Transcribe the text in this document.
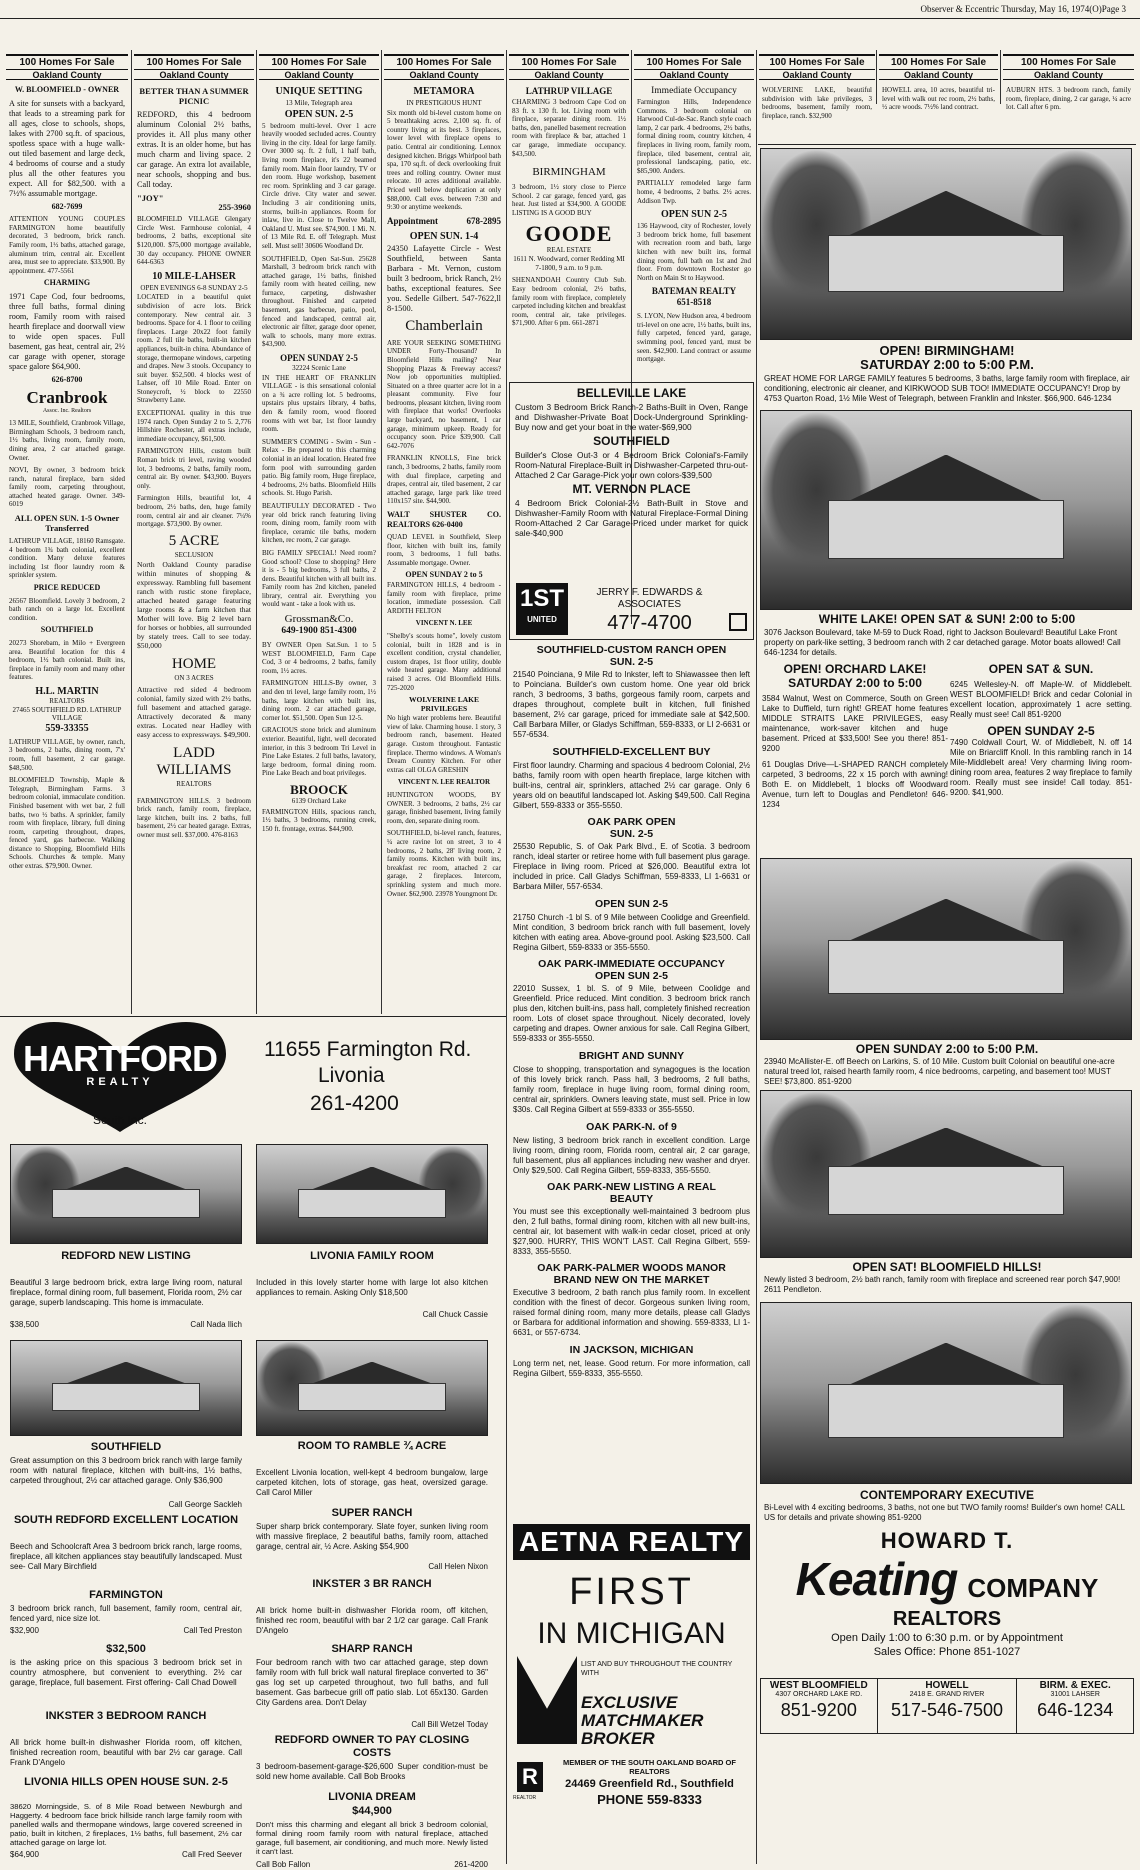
Observer & Eccentric Thursday, May 16, 1974(O)Page 3
100 Homes For Sale
Oakland County

W. BLOOMFIELD - OWNER

A site for sunsets with a backyard, that leads to a streaming park for all ages, close to schools, shops, lakes with 2700 sq.ft. of spacious, spotless space with a huge walk-out tiled basement and large deck, 4 bedrooms of course and a study plus all the other features you expect. All for $82,500. with a 7½% assumable mortgage.

682-7699

ATTENTION YOUNG COUPLES FARMINGTON home beautifully decorated, 3 bedroom, brick ranch. Family room, 1½ baths, attached garage, aluminum trim, central air. Excellent area, must see to appreciate. $33,900. By appointment. 477-5561

CHARMING

1971 Cape Cod, four bedrooms, three full baths, formal dining room, Family room with raised hearth fireplace and doorwall view to wide open spaces. Full basement, gas heat, central air, 2½ car garage with opener, storage space galore $64,900.

626-8700

Cranbrook

Assoc. Inc. Realtors

13 MILE, Southfield, Cranbrook Village, Birmingham Schools, 3 bedroom ranch, 1½ baths, living room, family room, dining area, 2 car attached garage. Owner.

NOVI, By owner, 3 bedroom brick ranch, natural fireplace, barn sided family room, carpeting throughout, attached heated garage. Owner. 349-6019

ALL OPEN SUN. 1-5 Owner Transferred

LATHRUP VILLAGE, 18160 Ramsgate. 4 bedroom 1¾ bath colonial, excellent condition. Many deluxe features including 1st floor laundry room & sprinkler system.

PRICE REDUCED

26567 Bloomfield. Lovely 3 bedroom, 2 bath ranch on a large lot. Excellent condition.

SOUTHFIELD

20273 Shorebam, in Milo + Evergreen area. Beautiful location for this 4 bedroom, 1½ bath colonial. Built ins, fireplace in family room and many other features.

H.L. MARTIN

REALTORS

27465 SOUTHFIELD RD. LATHRUP VILLAGE

559-33355

LATHRUP VILLAGE, by owner, ranch, 3 bedrooms, 2 baths, dining room, 7'x' room, full basement, 2 car garage. $48,500.

BLOOMFIELD Township, Maple & Telegraph, Birmingham Farms. 3 bedroom colonial, immaculate condition. Finished basement with wet bar, 2 full baths, two ½ baths. A sprinkler, family room with fireplace, library, full dining room, carpeting throughout, drapes, fenced yard, gas barbecue. Walking distance to Shopping, Bloomfield Hills Schools. Churches & temple. Many other extras. $79,900. Owner.

100 Homes For Sale
Oakland County

BETTER THAN A SUMMER PICNIC

REDFORD, this 4 bedroom aluminum Colonial 2½ baths, provides it. All plus many other extras. It is an older home, but has much charm and living space. 2 car garage. An extra lot available, near schools, shopping and bus. Call today.

"JOY"

255-3960

BLOOMFIELD VILLAGE Glengary Circle West. Farmhouse colonial, 4 bedrooms, 2 baths, exceptional site $120,000. $75,000 mortgage available, 30 day occupancy. PHONE OWNER 644-6363

10 MILE-LAHSER

OPEN EVENINGS 6-8 SUNDAY 2-5

LOCATED in a beautiful quiet subdivision of acre lots. Brick contemporary. New central air. 3 bedrooms. Space for 4. 1 floor to ceiling fireplaces. Large 20x22 foot family room. 2 full tile baths, built-in kitchen appliances, built-in china. Abundance of storage, thermopane windows, carpeting and drapes. New 3 stools. Occupancy to suit buyer. $52,500. 4 blocks west of Lahser, off 10 Mile Road. Enter on Stoneycroft, ½ block to 22550 Strawberry Lane.

EXCEPTIONAL quality in this true 1974 ranch. Open Sunday 2 to 5. 2,776 Hillshire Rochester, all extras include, immediate occupancy, $61,500.

FARMINGTON Hills, custom built Roman brick tri level, raving wooded lot, 3 bedrooms, 2 baths, family room, central air. By owner. $43,900. Buyers only.

Farmington Hills, beautiful lot, 4 bedroom, 2½ baths, den, huge family room, central air and air cleaner. 7¼% mortgage. $73,900. By owner.

5 ACRE

SECLUSION

North Oakland County paradise within minutes of shopping & expressway. Rambling full basement ranch with rustic stone fireplace, attached heated garage featuring large rooms & a farm kitchen that Mother will love. Big 2 level barn for horses or hobbies, all surrounded by stately trees. Call to see today. $50,000

HOME

ON 3 ACRES

Attractive red sided 4 bedroom colonial, family sized with 2½ baths, full basement and attached garage. Attractively decorated & many extras. Located near Hadley with easy access to expressways. $49,900.

LADD WILLIAMS

REALTORS

FARMINGTON HILLS. 3 bedroom brick ranch, family room, fireplace, large kitchen, built ins. 2 baths, full basement, 2½ car heated garage. Extras, owner must sell. $37,000. 476-8163

100 Homes For Sale
Oakland County

UNIQUE SETTING

13 Mile, Telegraph area

OPEN SUN. 2-5

5 bedroom multi-level. Over 1 acre heavily wooded secluded acres. Country living in the city. Ideal for large family. Over 3000 sq. ft. 2 full, 1 half bath, living room fireplace, it's 22 beamed family room. Main floor laundry, TV or den room. Huge workshop, basement rec room. Sprinkling and 3 car garage. Circle drive. City water and sewer. Including 3 air conditioning units, storms, built-in appliances. Room for inlaw, live in. Close to Twelve Mall, Oakland U. Must see. $74,900. 1 Mi. N. of 13 Mile Rd. E. off Telegraph. Must sell. Must sell! 30606 Woodland Dr.

SOUTHFIELD, Open Sat-Sun. 25628 Marshall, 3 bedroom brick ranch with attached garage, 1½ baths, finished family room with heated ceiling, new furnace, carpeting, dishwasher throughout. Finished and carpeted basement, gas barbecue, patio, pool, fenced and landscaped, central air, electronic air filter, garage door opener, walk to schools, many more extras. $43,900.

OPEN SUNDAY 2-5

32224 Scenic Lane

IN THE HEART OF FRANKLIN VILLAGE - is this sensational colonial on a ¾ acre rolling lot. 5 bedrooms, upstairs plus upstairs library, 4 baths, den & family room, wood floored rooms with wet bar, 1st floor laundry room.

SUMMER'S COMING - Swim - Sun - Relax - Be prepared to this charming colonial in an ideal location. Heated free form pool with surrounding garden patio. Big family room, Huge fireplace, 4 bedrooms, 2½ baths. Bloomfield Hills schools. St. Hugo Parish.

BEAUTIFULLY DECORATED - Two year old brick ranch featuring living room, dining room, family room with fireplace, ceramic tile baths, modern kitchen, rec room, 2 car garage.

BIG FAMILY SPECIAL! Need room? Good school? Close to shopping? Here it is - 5 big bedrooms, 3 full baths, 2 dens. Beautiful kitchen with all built ins. Family room has 2nd kitchen, paneled library, central air. Everything you would want - take a look with us.

Grossman&Co.

649-1900 851-4300

BY OWNER Open Sat.Sun. 1 to 5 WEST BLOOMFIELD, Farm Cape Cod, 3 or 4 bedrooms, 2 baths, family room, 1½ acres.

FARMINGTON HILLS-By owner, 3 and den tri level, large family room, 1½ baths, large kitchen with built ins, dining room. 2 car attached garage, corner lot. $51,500. Open Sun 12-5.

GRACIOUS stone brick and aluminum exterior. Beautiful, light, well decorated interior, in this 3 bedroom Tri Level in Pine Lake Estates. 2 full baths, lavatory, large bedroom, formal dining room. Pine Lake Beach and boat privileges.

BROOCK

6139 Orchard Lake

FARMINGTON Hills, spacious ranch, 1½ baths, 3 bedrooms, running creek, 150 ft. frontage, extras. $44,900.

100 Homes For Sale
Oakland County

METAMORA

IN PRESTIGIOUS HUNT

Six month old bi-level custom home on 5 breathtaking acres. 2,100 sq. ft. of country living at its best. 3 fireplaces, lower level with fireplace opens to patio. Central air conditioning. Lennox designed kitchen. Briggs Whirlpool bath spa, 170 sq.ft. of deck overlooking fruit trees and rolling country. Owner must relocate. 10 acres additional available. Priced well below duplication at only $88,000. Call eves. between 7:30 and 9:30 or anytime weekends.

Appointment	678-2895

OPEN SUN. 1-4

24350 Lafayette Circle - West Southfield, between Santa Barbara - Mt. Vernon, custom built 3 bedroom, brick Ranch, 2½ baths, exceptional features. See you. Sedelle Gilbert. 547-7622,ll 8-1500.

Chamberlain

ARE YOUR SEEKING SOMETHING UNDER Forty-Thousand? In Bloomfield Hills mailing? Near Shopping Plazas & Freeway access? Now job opportunities multiplied. Situated on a three quarter acre lot in a pleasant community. Five four bedrooms, pleasant kitchen, living room with fireplace that works! Overlooks large backyard, no basement, 1 car garage, minimum upkeep. Ready for occupancy soon. Price $39,900. Call 642-7076

FRANKLIN KNOLLS, Fine brick ranch, 3 bedrooms, 2 baths, family room with dual fireplace, carpeting and drapes, central air, tiled basement, 2 car attached garage, large park like treed 110x157 site. $44,900.

WALT SHUSTER CO. REALTORS 626-0400

QUAD LEVEL in Southfield, Sleep floor, kitchen with built ins, family room, 3 bedrooms, 1 full baths. Assumable mortgage. Owner.

OPEN SUNDAY 2 to 5

FARMINGTON HILLS, 4 bedroom - family room with fireplace, prime location, immediate possession. Call ARDITH FELTON

VINCENT N. LEE

"Shelby's scouts home", lovely custom colonial, built in 1828 and is in excellent condition, crystal chandelier, custom drapes, 1st floor utility, double wide heated garage. Many additional raised 3 acres. Old Bloomfield Hills. 725-2020

WOLVERINE LAKE PRIVILEGES

No high water problems here. Beautiful view of lake. Charming house. 1 story, 3 bedroom ranch, basement. Heated garage. Custom throughout. Fantastic fireplace. Thermo windows. A Woman's Dream Country Kitchen. For other extras call OLGA GRESHIN

VINCENT N. LEE REALTOR

HUNTINGTON WOODS, BY OWNER. 3 bedrooms, 2 baths, 2½ car garage, finished basement, living family room, den, separate dining room.

SOUTHFIELD, bi-level ranch, features, ¼ acre ravine lot on street, 3 to 4 bedrooms, 2 baths, 28' living room, 2 family rooms. Kitchen with built ins, breakfast rec room, attached 2 car garage, 2 fireplaces. Intercom, sprinkling system and much more. Owner. $62,900. 23978 Youngmont Dr.

100 Homes For Sale
Oakland County

LATHRUP VILLAGE

CHARMING 3 bedroom Cape Cod on 83 ft. x 130 ft. lot. Living room with fireplace, separate dining room. 1½ baths, den, panelled basement recreation room with fireplace & bar, attached 1 car garage, immediate occupancy. $43,500.

BIRMINGHAM

3 bedroom, 1½ story close to Pierce School. 2 car garage, fenced yard, gas heat. Just listed at $34,900. A GOODE LISTING IS A GOOD BUY

GOODE

REAL ESTATE

1611 N. Woodward, corner Redding MI 7-1800, 9 a.m. to 9 p.m.

SHENANDOAH Country Club Sub. Easy bedroom colonial, 2½ baths, family room with fireplace, completely carpeted including kitchen and breakfast room, central air, take privileges. $71,900. After 6 pm. 661-2871

100 Homes For Sale
Oakland County

Immediate Occupancy

Farmington Hills, Independence Commons. 3 bedroom colonial on Harwood Cul-de-Sac. Ranch style coach lamp, 2 car park. 4 bedrooms, 2½ baths, formal dining room, country kitchen, 4 fireplaces in living room, family room, fireplace, tiled basement, central air, professional landscaping, patio, etc. $85,900. Anders.

PARTIALLY remodeled large farm home, 4 bedrooms, 2 baths. 2½ acres. Addison Twp.

OPEN SUN 2-5

136 Haywood, city of Rochester, lovely 3 bedroom brick home, full basement with recreation room and bath, large kitchen with new built ins, formal dining room, full bath on 1st and 2nd floor. From downtown Rochester go North on Main St to Haywood.

BATEMAN REALTY

651-8518

S. LYON, New Hudson area, 4 bedroom tri-level on one acre, 1½ baths, built ins, fully carpeted, fenced yard, garage, swimming pool, fenced yard, must be seen. $42,900. Land contract or assume mortgage.

100 Homes For Sale
Oakland County

WOLVERINE LAKE, beautiful subdivision with lake privileges, 3 bedrooms, basement, family room, fireplace, ranch. $32,900

100 Homes For Sale
Oakland County

HOWELL area, 10 acres, beautiful tri-level with walk out rec room, 2½ baths, ½ acre woods. 7½% land contract.

100 Homes For Sale
Oakland County

AUBURN HTS. 3 bedroom ranch, family room, fireplace, dining, 2 car garage, ¼ acre lot. Call after 6 pm.

OPEN! BIRMINGHAM!
SATURDAY 2:00 to 5:00 P.M.
GREAT HOME FOR LARGE FAMILY features 5 bedrooms, 3 baths, large family room with fireplace, air conditioning, electronic air cleaner, and KIRKWOOD SUB TOO! IMMEDIATE OCCUPANCY! Drop by 4753 Quarton Road, 1½ Mile West of Telegraph, between Franklin and Inkster. $66,900. 646-1234
WHITE LAKE! OPEN SAT & SUN! 2:00 to 5:00
3076 Jackson Boulevard, take M-59 to Duck Road, right to Jackson Boulevard! Beautiful Lake Front property on park-like setting, 3 bedroom ranch with 2 car detached garage. Motor boats allowed! Call 646-1234 for details.
OPEN! ORCHARD LAKE!
SATURDAY 2:00 to 5:00
3584 Walnut, West on Commerce, South on Green Lake to Duffield, turn right! GREAT home features MIDDLE STRAITS LAKE PRIVILEGES, easy maintenance, work-saver kitchen and huge basement. Priced at $33,500! See you there! 851-9200
61 Douglas Drive—L-SHAPED RANCH completely carpeted, 3 bedrooms, 22 x 15 porch with awning! Both E. on Middlebelt, 1 blocks off Woodward Avenue, turn left to Douglas and Pendleton! 646-1234
OPEN SAT & SUN.
6245 Wellesley-N. off Maple-W. of Middlebelt. WEST BLOOMFIELD! Brick and cedar Colonial in excellent location, approximately 1 acre setting. Really must see! Call 851-9200
OPEN SUNDAY 2-5
7490 Coldwall Court, W. of Middlebelt, N. off 14 Mile on Briarcliff Knoll. In this rambling ranch in 14 Mile-Middlebelt area! Very charming living room-dining room area, features 2 way fireplace to family room. Really must see inside! Call today. 851-9200. $41,900.
OPEN SUNDAY 2:00 to 5:00 P.M.
23940 McAllister-E. off Beech on Larkins, S. of 10 Mile. Custom built Colonial on beautiful one-acre natural treed lot, raised hearth family room, 4 nice bedrooms, carpeting, and basement too! MUST SEE! $73,800. 851-9200
OPEN SAT! BLOOMFIELD HILLS!
Newly listed 3 bedroom, 2½ bath ranch, family room with fireplace and screened rear porch $47,900! 2611 Pendleton.
CONTEMPORARY EXECUTIVE
Bi-Level with 4 exciting bedrooms, 3 baths, not one but TWO family rooms! Builder's own home! CALL US for details and private showing 851-9200
HOWARD T.
Keating COMPANY
REALTORS
Open Daily 1:00 to 6:30 p.m. or by Appointment
Sales Office: Phone 851-1027
WEST BLOOMFIELD
4307 ORCHARD LAKE RD.
851-9200
HOWELL
2418 E. GRAND RIVER
517-546-7500
BIRM. & EXEC.
31001 LAHSER
646-1234
BELLEVILLE LAKE
Custom 3 Bedroom Brick Ranch-2 Baths-Built in Oven, Range and Dishwasher-Private Boat Dock-Underground Sprinkling-Buy now and get your boat in the water-$69,900
SOUTHFIELD
Builder's Close Out-3 or 4 Bedroom Brick Colonial's-Family Room-Natural Fireplace-Built in Dishwasher-Carpeted thru-out-Attached 2 Car Garage-Pick your own colors-$39,500
MT. VERNON PLACE
4 Bedroom Brick Colonial-2½ Bath-Built in Stove and Dishwasher-Family Room with Natural Fireplace-Formal Dining Room-Attached 2 Car Garage-Priced under market for quick sale-$40,900
1ST
UNITED
JERRY F. EDWARDS & ASSOCIATES
477-4700
SOUTHFIELD-CUSTOM RANCH OPEN SUN. 2-5
21540 Poinciana, 9 Mile Rd to Inkster, left to Shiawassee then left to Poinciana. Builder's own custom home. One year old brick ranch, 3 bedrooms, 3 baths, gorgeous family room, carpets and drapes throughout, complete built in kitchen, full finished basement, 2½ car garage, priced for immediate sale at $42,500. Call Barbara Miller, or Gladys Schiffman, 559-8333, or LI 2-6631 or 557-6534.
SOUTHFIELD-EXCELLENT BUY
First floor laundry. Charming and spacious 4 bedroom Colonial, 2½ baths, family room with open hearth fireplace, large kitchen with built-ins, central air, sprinklers, attached 2½ car garage. Only 6 years old on beautiful landscaped lot. Asking $49,500. Call Regina Gilbert, 559-8333 or 355-5550.
OAK PARK OPEN SUN. 2-5
25530 Republic, S. of Oak Park Blvd., E. of Scotia. 3 bedroom ranch, ideal starter or retiree home with full basement plus garage. Fireplace in living room. Priced at $26,000. Beautiful extra lot included in price. Call Gladys Schiffman, 559-8333, LI 1-6631 or Barbara Miller, 557-6534.
OPEN SUN 2-5
21750 Church -1 bl S. of 9 Mile between Coolidge and Greenfield. Mint condition, 3 bedroom brick ranch with full basement, lovely kitchen with eating area. Above-ground pool. Asking $23,500. Call Regina Gilbert, 559-8333 or 355-5550.
OAK PARK-IMMEDIATE OCCUPANCY OPEN SUN 2-5
22010 Sussex, 1 bl. S. of 9 Mile, between Coolidge and Greenfield. Price reduced. Mint condition. 3 bedroom brick ranch plus den, kitchen built-ins, pass hall, completely finished recreation room. Lots of closet space throughout. Nicely decorated, lovely carpeting and drapes. Owner anxious for sale. Call Regina Gilbert, 559-8333 or 355-5550.
BRIGHT AND SUNNY
Close to shopping, transportation and synagogues is the location of this lovely brick ranch. Pass hall, 3 bedrooms, 2 full baths, family room, fireplace in huge living room, formal dining room, central air, sprinklers. Owners leaving state, must sell. Price in low $30s. Call Regina Gilbert at 559-8333 or 355-5550.
OAK PARK-N. of 9
New listing, 3 bedroom brick ranch in excellent condition. Large living room, dining room, Florida room, central air, 2 car garage, full basement, plus all appliances including new washer and dryer. Only $29,500. Call Regina Gilbert, 559-8333, 355-5550.
OAK PARK-NEW LISTING A REAL BEAUTY
You must see this exceptionally well-maintained 3 bedroom plus den, 2 full baths, formal dining room, kitchen with all new built-ins, central air, lot basement with walk-in cedar closet, priced at only $27,900. HURRY, THIS WON'T LAST. Call Regina Gilbert, 559-8333, 355-5550.
OAK PARK-PALMER WOODS MANOR BRAND NEW ON THE MARKET
Executive 3 bedroom, 2 bath ranch plus family room. In excellent condition with the finest of decor. Gorgeous sunken living room, raised formal dining room, many more details, please call Gladys or Barbara for additional information and showing. 559-8333, LI 1-6631, or 557-6734.
IN JACKSON, MICHIGAN
Long term net, net, lease. Good return. For more information, call Regina Gilbert, 559-8333, 355-5550.
AETNA REALTY
FIRST
IN MICHIGAN
LIST AND BUY THROUGHOUT THE COUNTRY WITH
EXCLUSIVE MATCHMAKER BROKER
R
REALTOR
MEMBER OF THE SOUTH OAKLAND BOARD OF REALTORS
24469 Greenfield Rd., Southfield
PHONE 559-8333
HARTFORD
REALTY
South Inc.
11655 Farmington Rd.
Livonia
261-4200
REDFORD NEW LISTING
Beautiful 3 large bedroom brick, extra large living room, natural fireplace, formal dining room, full basement, Florida room, 2½ car garage, superb landscaping. This home is immaculate.
$38,500	Call Nada Ilich
LIVONIA FAMILY ROOM
Included in this lovely starter home with large lot also kitchen appliances to remain. Asking Only $18,500
Call Chuck Cassie
SOUTHFIELD
Great assumption on this 3 bedroom brick ranch with large family room with natural fireplace, kitchen with built-ins, 1½ baths, carpeted throughout, 2½ car attached garage. Only $36,900
Call George Sackleh
SOUTH REDFORD EXCELLENT LOCATION
Beech and Schoolcraft Area 3 bedroom brick ranch, large rooms, fireplace, all kitchen appliances stay beautifully landscaped. Must see- Call Mary Birchfield
FARMINGTON
3 bedroom brick ranch, full basement, family room, central air, fenced yard, nice size lot.
$32,900	Call Ted Preston
$32,500
is the asking price on this spacious 3 bedroom brick set in country atmosphere, but convenient to everything. 2½ car garage, fireplace, full basement. First offering- Call Chad Dowell
INKSTER 3 BEDROOM RANCH
All brick home built-in dishwasher Florida room, off kitchen, finished recreation room, beautiful with bar 2½ car garage. Call Frank D'Angelo
LIVONIA HILLS OPEN HOUSE SUN. 2-5
38620 Morningside, S. of 8 Mile Road between Newburgh and Haggerty. 4 bedroom face brick hillside ranch large family room with panelled walls and thermopane windows, large covered screened in patio, built in kitchen, 2 fireplaces, 1½ baths, full basement, 2½ car attached garage on large lot.
$64,900	Call Fred Seever
ROOM TO RAMBLE ¾ ACRE
Excellent Livonia location, well-kept 4 bedroom bungalow, large carpeted kitchen, lots of storage, gas heat, oversized garage. Call Carol Miller
SUPER RANCH
Super sharp brick contemporary. Slate foyer, sunken living room with massive fireplace, 2 beautiful baths, family room, attached garage, central air, ½ Acre. Asking $54,900
Call Helen Nixon
INKSTER 3 BR RANCH
All brick home built-in dishwasher Florida room, off kitchen, finished rec room, beautiful with bar 2 1/2 car garage. Call Frank D'Angelo
SHARP RANCH
Four bedroom ranch with two car attached garage, step down family room with full brick wall natural fireplace converted to 36" gas log set up carpeted throughout, two full baths, and full basement. Gas barbecue grill off patio slab. Lot 65x130. Garden City Gardens area. Don't Delay
Call Bill Wetzel Today
REDFORD OWNER TO PAY CLOSING COSTS
3 bedroom-basement-garage-$26,600 Super condition-must be sold new home available. Call Bob Brooks
LIVONIA DREAM
$44,900
Don't miss this charming and elegant all brick 3 bedroom colonial, formal dining room family room with natural fireplace, attached garage, full basement, air conditioning, and much more. Newly listed it can't last.
Call Bob Fallon	261-4200
